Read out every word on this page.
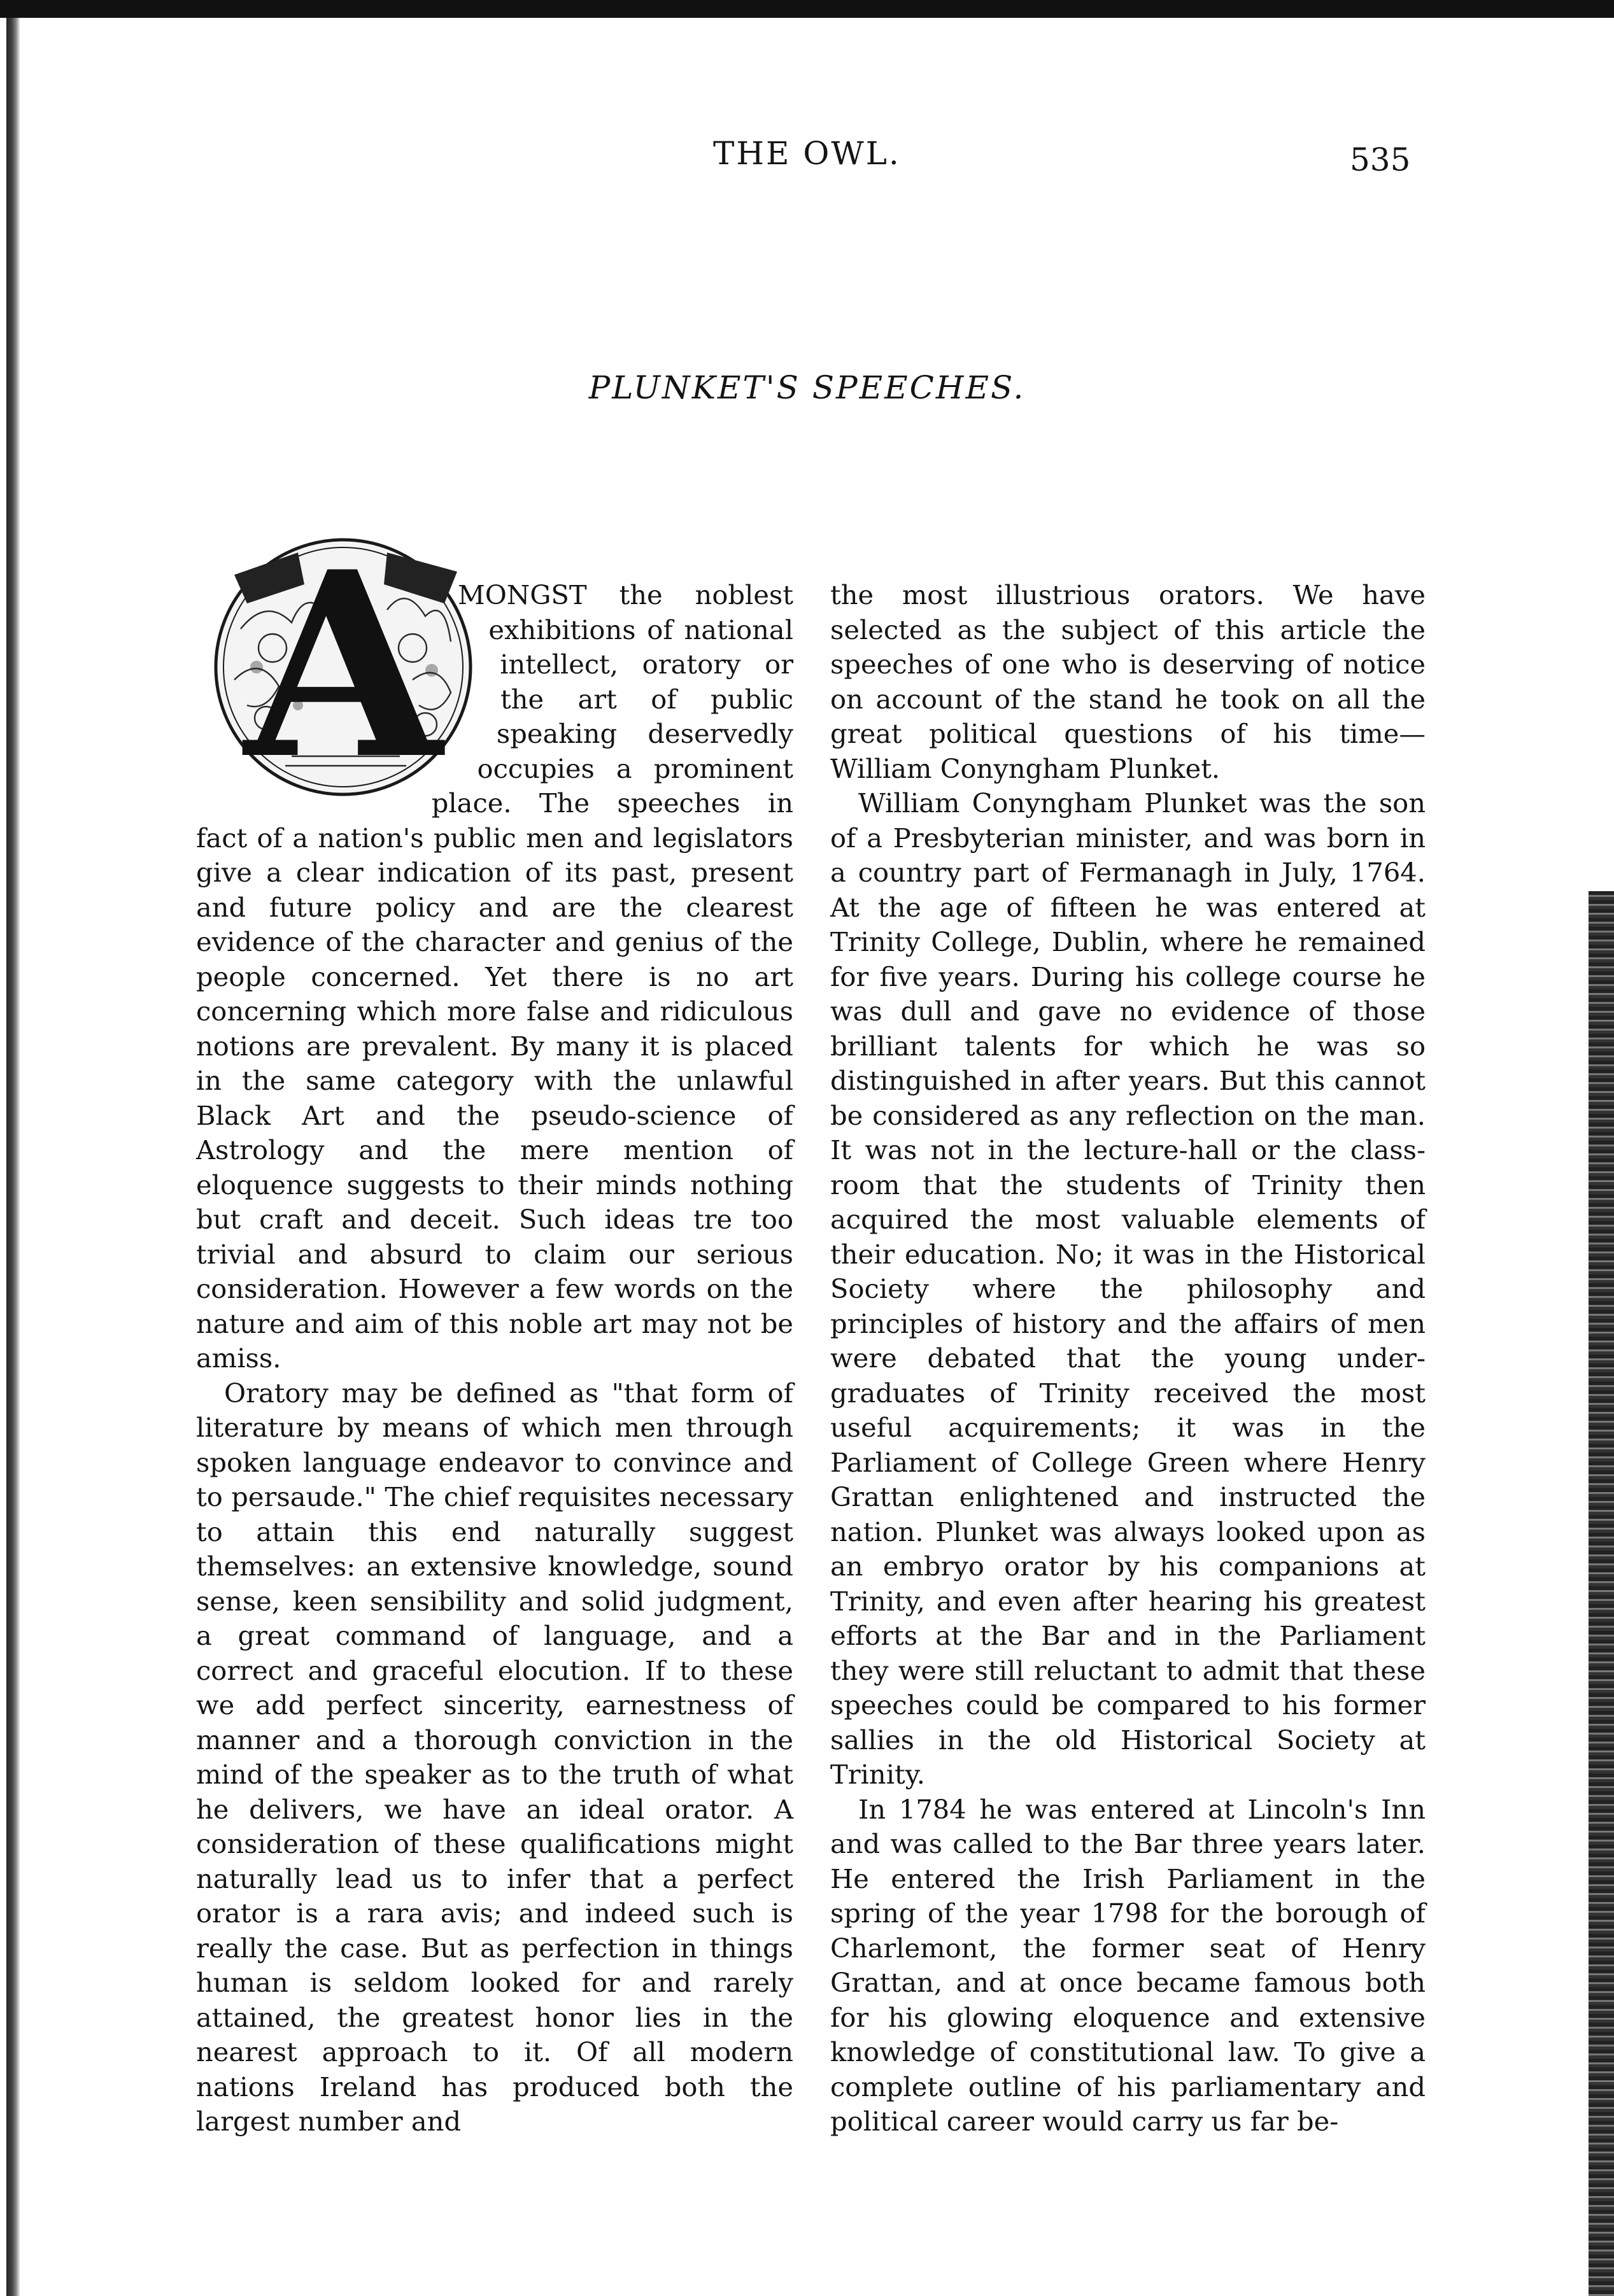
THE OWL.	535
PLUNKET'S SPEECHES.
A MONGST the noblest exhibitions of national intellect, oratory or the art of public speaking deservedly occupies a prominent place. The speeches in fact of a nation's public men and legislators give a clear indication of its past, present and future policy and are the clearest evidence of the character and genius of the people concerned. Yet there is no art concerning which more false and ridiculous notions are prevalent. By many it is placed in the same category with the unlawful Black Art and the pseudo-science of Astrology and the mere mention of eloquence suggests to their minds nothing but craft and deceit. Such ideas tre too trivial and absurd to claim our serious consideration. However a few words on the nature and aim of this noble art may not be amiss.

Oratory may be defined as "that form of literature by means of which men through spoken language endeavor to convince and to persaude." The chief requisites necessary to attain this end naturally suggest themselves: an extensive knowledge, sound sense, keen sensibility and solid judgment, a great command of language, and a correct and graceful elocution. If to these we add perfect sincerity, earnestness of manner and a thorough conviction in the mind of the speaker as to the truth of what he delivers, we have an ideal orator. A consideration of these qualifications might naturally lead us to infer that a perfect orator is a rara avis; and indeed such is really the case. But as perfection in things human is seldom looked for and rarely attained, the greatest honor lies in the nearest approach to it. Of all modern nations Ireland has produced both the largest number and

the most illustrious orators. We have selected as the subject of this article the speeches of one who is deserving of notice on account of the stand he took on all the great political questions of his time— William Conyngham Plunket.

William Conyngham Plunket was the son of a Presbyterian minister, and was born in a country part of Fermanagh in July, 1764. At the age of fifteen he was entered at Trinity College, Dublin, where he remained for five years. During his college course he was dull and gave no evidence of those brilliant talents for which he was so distinguished in after years. But this cannot be considered as any reflection on the man. It was not in the lecture-hall or the class-room that the students of Trinity then acquired the most valuable elements of their education. No; it was in the Historical Society where the philosophy and principles of history and the affairs of men were debated that the young under-graduates of Trinity received the most useful acquirements; it was in the Parliament of College Green where Henry Grattan enlightened and instructed the nation. Plunket was always looked upon as an embryo orator by his companions at Trinity, and even after hearing his greatest efforts at the Bar and in the Parliament they were still reluctant to admit that these speeches could be compared to his former sallies in the old Historical Society at Trinity.

In 1784 he was entered at Lincoln's Inn and was called to the Bar three years later. He entered the Irish Parliament in the spring of the year 1798 for the borough of Charlemont, the former seat of Henry Grattan, and at once became famous both for his glowing eloquence and extensive knowledge of constitutional law. To give a complete outline of his parliamentary and political career would carry us far be-
